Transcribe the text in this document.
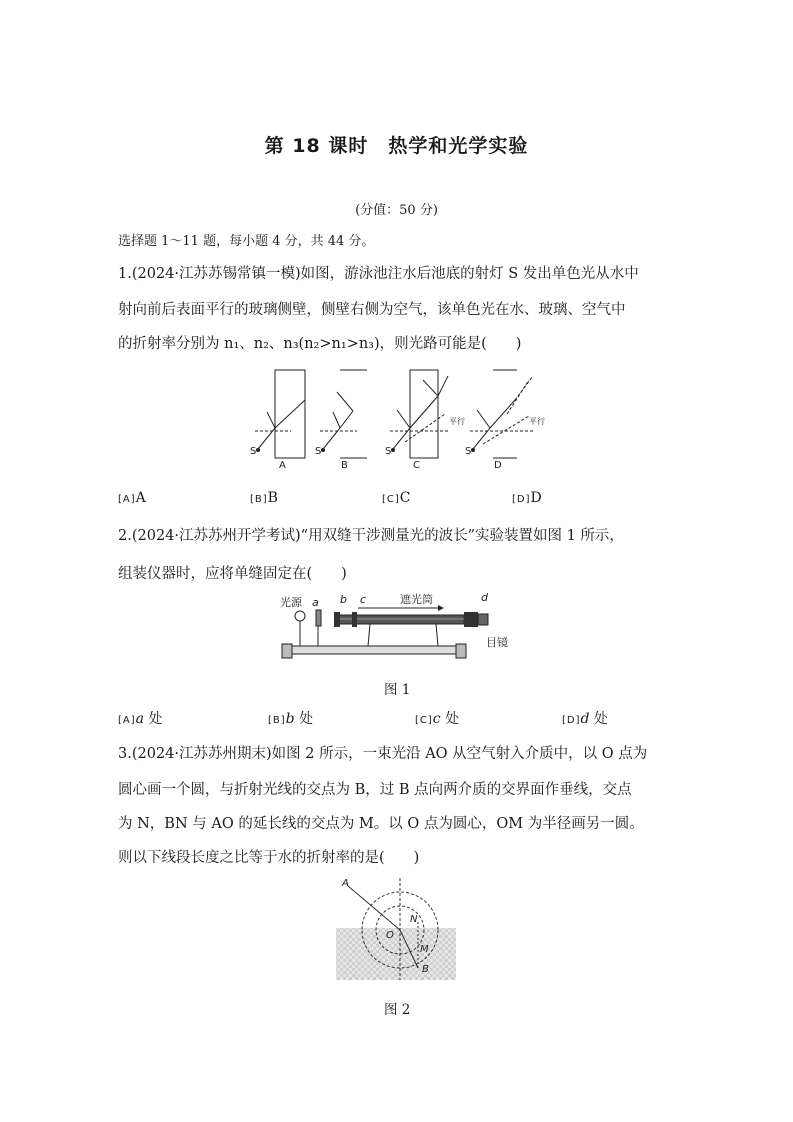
第 18 课时　热学和光学实验
(分值：50 分)
选择题 1～11 题，每小题 4 分，共 44 分。
1.(2024·江苏苏锡常镇一模)如图，游泳池注水后池底的射灯 S 发出单色光从水中
射向前后表面平行的玻璃侧壁，侧壁右侧为空气，该单色光在水、玻璃、空气中
的折射率分别为 n₁、n₂、n₃(n₂>n₁>n₃)，则光路可能是(　　)
S	S	S	S
A	B	C	D
平行	平行
[A]A	[B]B	[C]C	[D]D
2.(2024·江苏苏州开学考试)“用双缝干涉测量光的波长”实验装置如图 1 所示，
组装仪器时，应将单缝固定在(　　)
光源 a b c	遮光筒	d
目镜
图 1
[A]a 处	[B]b 处	[C]c 处	[D]d 处
3.(2024·江苏苏州期末)如图 2 所示，一束光沿 AO 从空气射入介质中，以 O 点为
圆心画一个圆，与折射光线的交点为 B，过 B 点向两介质的交界面作垂线，交点
为 N，BN 与 AO 的延长线的交点为 M。以 O 点为圆心，OM 为半径画另一圆。
则以下线段长度之比等于水的折射率的是(　　)
A
O
N
M
B
图 2
